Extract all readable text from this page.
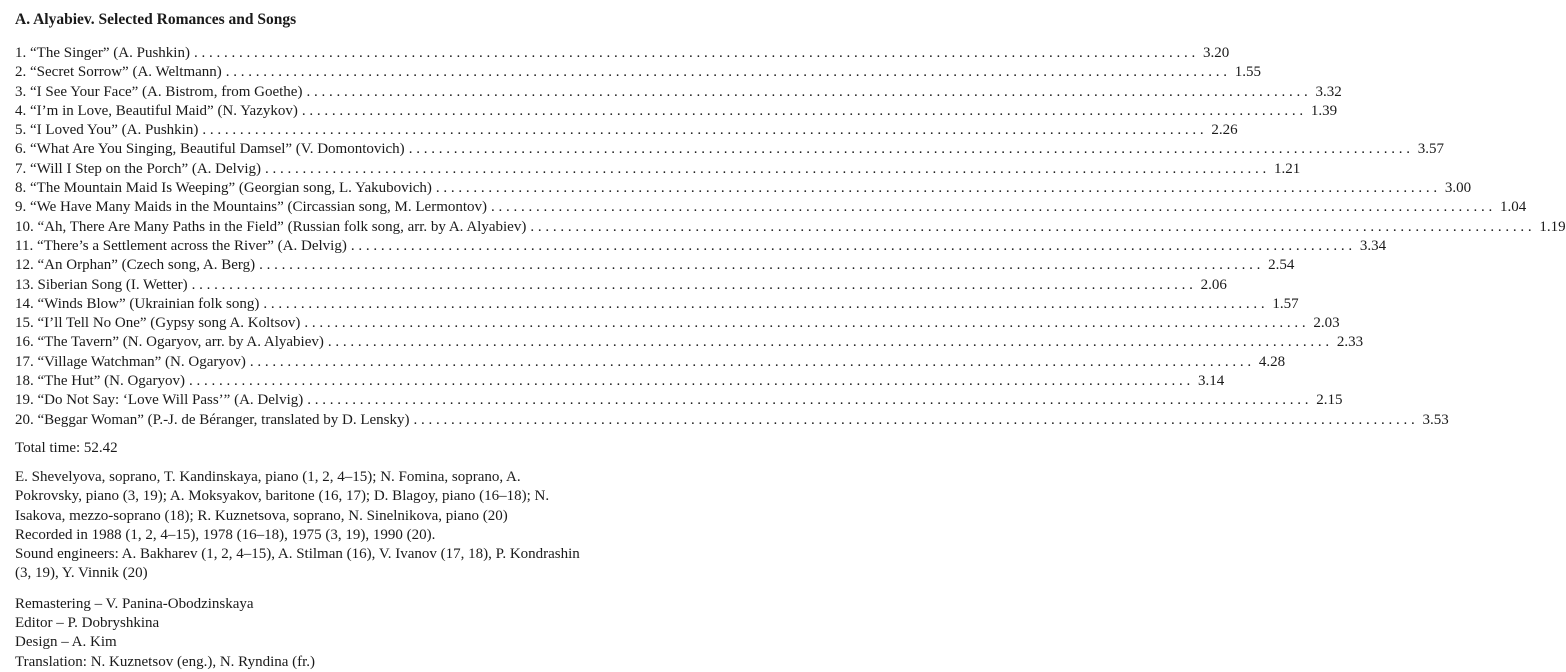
A. Alyabiev. Selected Romances and Songs
1. “The Singer” (A. Pushkin) . . .	3.20
2. “Secret Sorrow” (A. Weltmann) . . .	1.55
3. “I See Your Face” (A. Bistrom, from Goethe) . . .	3.32
4. “I’m in Love, Beautiful Maid” (N. Yazykov) . . .	1.39
5. “I Loved You” (A. Pushkin) . . .	2.26
6. “What Are You Singing, Beautiful Damsel” (V. Domontovich) . . .	3.57
7. “Will I Step on the Porch” (A. Delvig) . . .	1.21
8. “The Mountain Maid Is Weeping” (Georgian song, L. Yakubovich) . . .	3.00
9. “We Have Many Maids in the Mountains” (Circassian song, M. Lermontov) . . .	1.04
10. “Ah, There Are Many Paths in the Field” (Russian folk song, arr. by A. Alyabiev) . . .	1.19
11. “There’s a Settlement across the River” (A. Delvig) . . .	3.34
12. “An Orphan” (Czech song, A. Berg) . . .	2.54
13. Siberian Song (I. Wetter) . . .	2.06
14. “Winds Blow” (Ukrainian folk song) . . .	1.57
15. “I’ll Tell No One” (Gypsy song A. Koltsov) . . .	2.03
16. “The Tavern” (N. Ogaryov, arr. by A. Alyabiev) . . .	2.33
17. “Village Watchman” (N. Ogaryov) . . .	4.28
18. “The Hut” (N. Ogaryov) . . .	3.14
19. “Do Not Say: ‘Love Will Pass’” (A. Delvig) . . .	2.15
20. “Beggar Woman” (P.-J. de Béranger, translated by D. Lensky) . . .	3.53
Total time: 52.42

E. Shevelyova, soprano, T. Kandinskaya, piano (1, 2, 4–15); N. Fomina, soprano, A. Pokrovsky, piano (3, 19); A. Moksyakov, baritone (16, 17); D. Blagoy, piano (16–18); N. Isakova, mezzo-soprano (18); R. Kuznetsova, soprano, N. Sinelnikova, piano (20)

Recorded in 1988 (1, 2, 4–15), 1978 (16–18), 1975 (3, 19), 1990 (20).

Sound engineers: A. Bakharev (1, 2, 4–15), A. Stilman (16), V. Ivanov (17, 18), P. Kondrashin (3, 19), Y. Vinnik (20)

Remastering – V. Panina-Obodzinskaya

Editor – P. Dobryshkina

Design – A. Kim

Translation: N. Kuznetsov (eng.), N. Ryndina (fr.)
